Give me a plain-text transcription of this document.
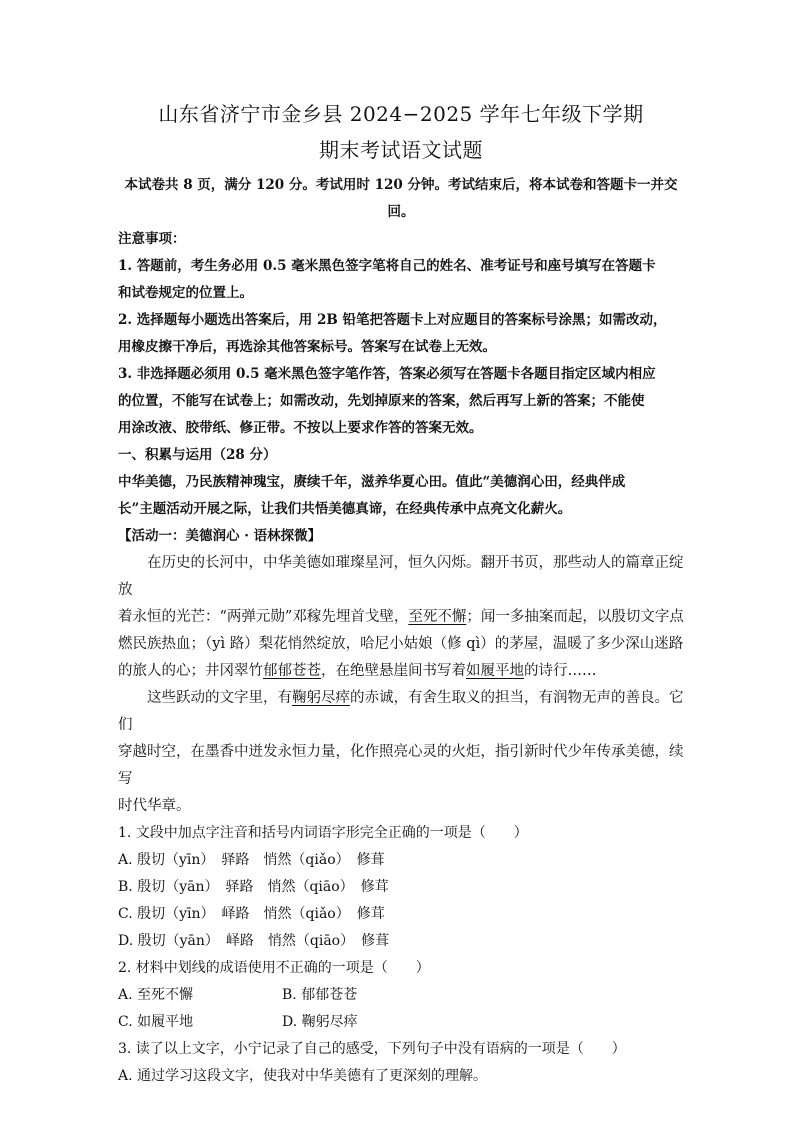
山东省济宁市金乡县 2024−2025 学年七年级下学期
期末考试语文试题
本试卷共 8 页，满分 120 分。考试用时 120 分钟。考试结束后，将本试卷和答题卡一并交
回。

注意事项：

1. 答题前，考生务必用 0.5 毫米黑色签字笔将自己的姓名、准考证号和座号填写在答题卡

和试卷规定的位置上。

2. 选择题每小题选出答案后，用 2B 铅笔把答题卡上对应题目的答案标号涂黑；如需改动，

用橡皮擦干净后，再选涂其他答案标号。答案写在试卷上无效。

3. 非选择题必须用 0.5 毫米黑色签字笔作答，答案必须写在答题卡各题目指定区域内相应

的位置，不能写在试卷上；如需改动，先划掉原来的答案，然后再写上新的答案；不能使

用涂改液、胶带纸、修正带。不按以上要求作答的答案无效。

一、积累与运用（28 分）

中华美德，乃民族精神瑰宝，赓续千年，滋养华夏心田。值此“美德润心田，经典伴成

长”主题活动开展之际，让我们共悟美德真谛，在经典传承中点亮文化薪火。

【活动一：美德润心 · 语林探微】

在历史的长河中，中华美德如璀璨星河，恒久闪烁。翻开书页，那些动人的篇章正绽放

着永恒的光芒：“两弹元勋”邓稼先埋首戈壁，至死不懈；闻一多抽案而起，以殷切文字点

燃民族热血；（yì 路）梨花悄然绽放，哈尼小姑娘（修 qì）的茅屋，温暖了多少深山迷路

的旅人的心；井冈翠竹郁郁苍苍，在绝壁悬崖间书写着如履平地的诗行……

这些跃动的文字里，有鞠躬尽瘁的赤诚，有舍生取义的担当，有润物无声的善良。它们

穿越时空，在墨香中迸发永恒力量，化作照亮心灵的火炬，指引新时代少年传承美德，续写

时代华章。

1. 文段中加点字注音和括号内词语字形完全正确的一项是（　　）

A. 殷切（yīn）　驿路　悄然（qiǎo）　修葺

B. 殷切（yān）　驿路　悄然（qiāo）　修茸

C. 殷切（yīn）　峄路　悄然（qiǎo）　修茸

D. 殷切（yān）　峄路　悄然（qiāo）　修葺

2. 材料中划线的成语使用不正确的一项是（　　）

A. 至死不懈	B. 郁郁苍苍
C. 如履平地	D. 鞠躬尽瘁

3. 读了以上文字，小宁记录了自己的感受，下列句子中没有语病的一项是（　　）

A. 通过学习这段文字，使我对中华美德有了更深刻的理解。
